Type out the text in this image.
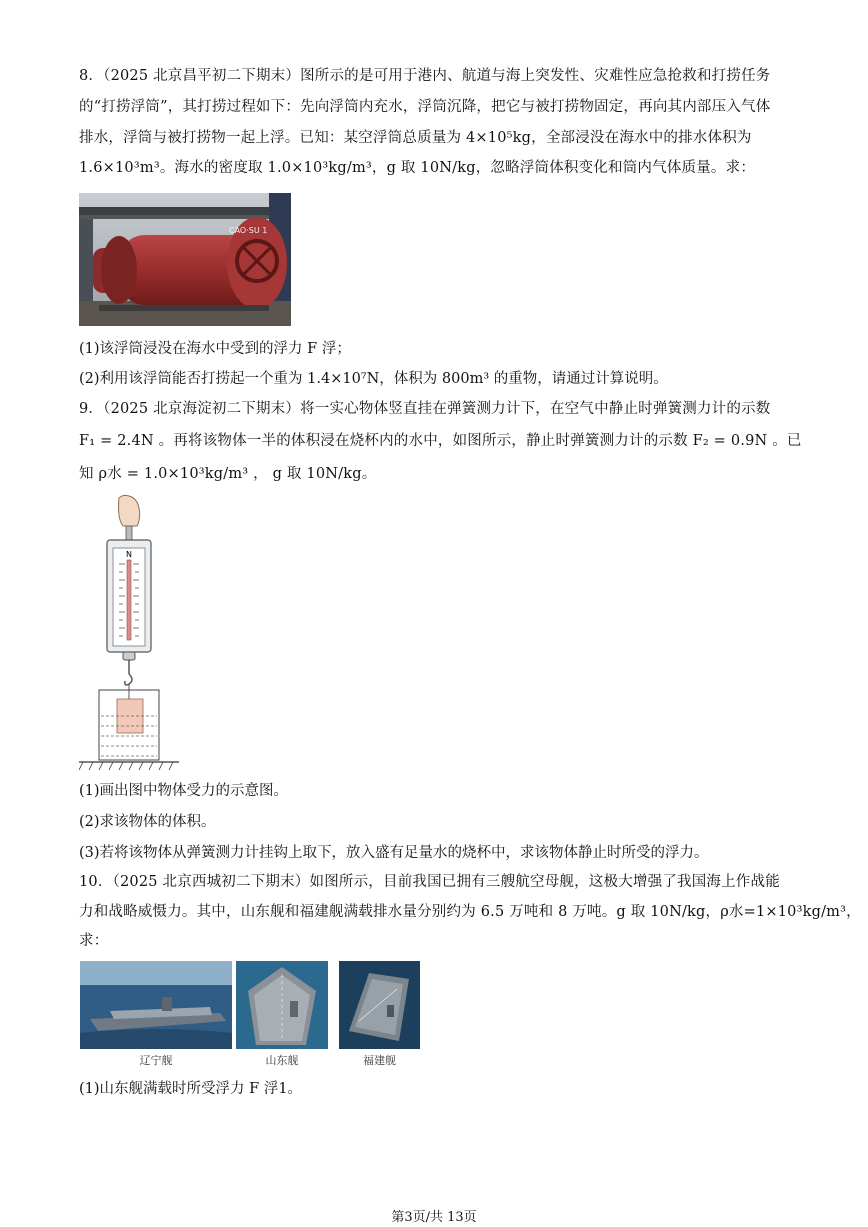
8．（2025 北京昌平初二下期末）图所示的是可用于港内、航道与海上突发性、灾难性应急抢救和打捞任务
的“打捞浮筒”，其打捞过程如下：先向浮筒内充水，浮筒沉降，把它与被打捞物固定，再向其内部压入气体
排水，浮筒与被打捞物一起上浮。已知：某空浮筒总质量为 4×10⁵kg，全部浸没在海水中的排水体积为
1.6×10³m³。海水的密度取 1.0×10³kg/m³，g 取 10N/kg，忽略浮筒体积变化和筒内气体质量。求：
CAO·SU 1
(1)该浮筒浸没在海水中受到的浮力 F 浮；
(2)利用该浮筒能否打捞起一个重为 1.4×10⁷N，体积为 800m³ 的重物，请通过计算说明。
9．（2025 北京海淀初二下期末）将一实心物体竖直挂在弹簧测力计下，在空气中静止时弹簧测力计的示数
F₁ = 2.4N 。再将该物体一半的体积浸在烧杯内的水中，如图所示，静止时弹簧测力计的示数 F₂ = 0.9N 。已
知 ρ水 = 1.0×10³kg/m³ ， g 取 10N/kg。
N
(1)画出图中物体受力的示意图。
(2)求该物体的体积。
(3)若将该物体从弹簧测力计挂钩上取下，放入盛有足量水的烧杯中，求该物体静止时所受的浮力。
10．（2025 北京西城初二下期末）如图所示，目前我国已拥有三艘航空母舰，这极大增强了我国海上作战能
力和战略威慑力。其中，山东舰和福建舰满载排水量分别约为 6.5 万吨和 8 万吨。g 取 10N/kg，ρ水=1×10³kg/m³，
求：
辽宁舰	山东舰	福建舰
(1)山东舰满载时所受浮力 F 浮1。
第3页/共 13页
